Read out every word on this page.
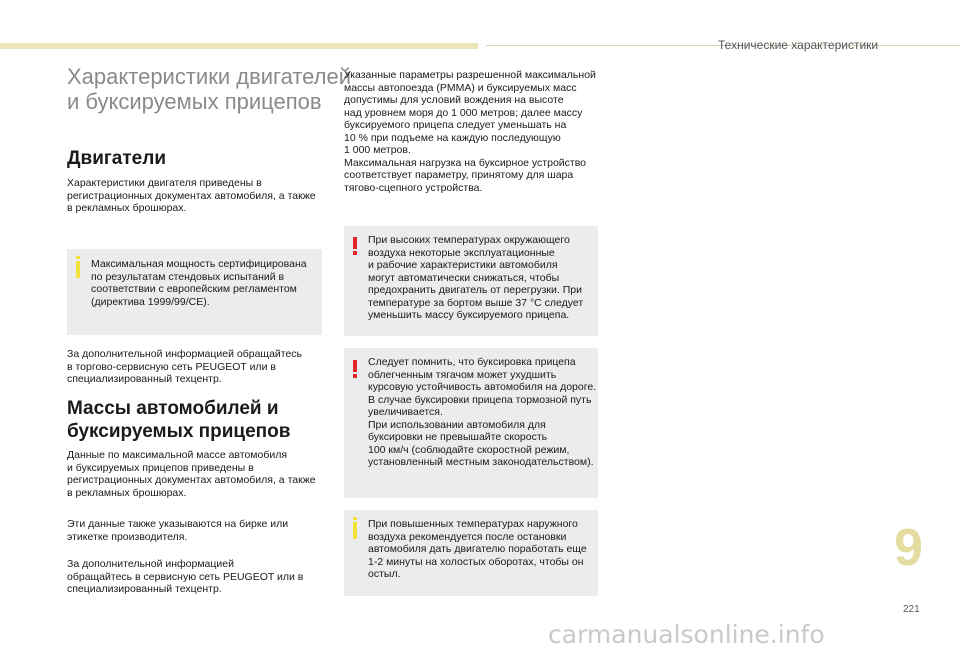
Технические характеристики
Характеристики двигателей
и буксируемых прицепов
Двигатели
Характеристики двигателя приведены в
регистрационных документах автомобиля, а также
в рекламных брошюрах.
Максимальная мощность сертифицирована
по результатам стендовых испытаний в
соответствии с европейским регламентом
(директива 1999/99/CE).
За дополнительной информацией обращайтесь
в торгово-сервисную сеть PEUGEOT или в
специализированный техцентр.
Массы автомобилей и
буксируемых прицепов
Данные по максимальной массе автомобиля
и буксируемых прицепов приведены в
регистрационных документах автомобиля, а также
в рекламных брошюрах.
Эти данные также указываются на бирке или
этикетке производителя.
За дополнительной информацией
обращайтесь в сервисную сеть PEUGEOT или в
специализированный техцентр.
Указанные параметры разрешенной максимальной
массы автопоезда (PMMA) и буксируемых масс
допустимы для условий вождения на высоте
над уровнем моря до 1 000 метров; далее массу
буксируемого прицепа следует уменьшать на
10 % при подъеме на каждую последующую
1 000 метров.
Максимальная нагрузка на буксирное устройство
соответствует параметру, принятому для шара
тягово-сцепного устройства.
При высоких температурах окружающего
воздуха некоторые эксплуатационные
и рабочие характеристики автомобиля
могут автоматически снижаться, чтобы
предохранить двигатель от перегрузки. При
температуре за бортом выше 37 °C следует
уменьшить массу буксируемого прицепа.
Следует помнить, что буксировка прицепа
облегченным тягачом может ухудшить
курсовую устойчивость автомобиля на дороге.
В случае буксировки прицепа тормозной путь
увеличивается.
При использовании автомобиля для
буксировки не превышайте скорость
100 км/ч (соблюдайте скоростной режим,
установленный местным законодательством).
При повышенных температурах наружного
воздуха рекомендуется после остановки
автомобиля дать двигателю поработать еще
1-2 минуты на холостых оборотах, чтобы он
остыл.	9
221
carmanualsonline.info
